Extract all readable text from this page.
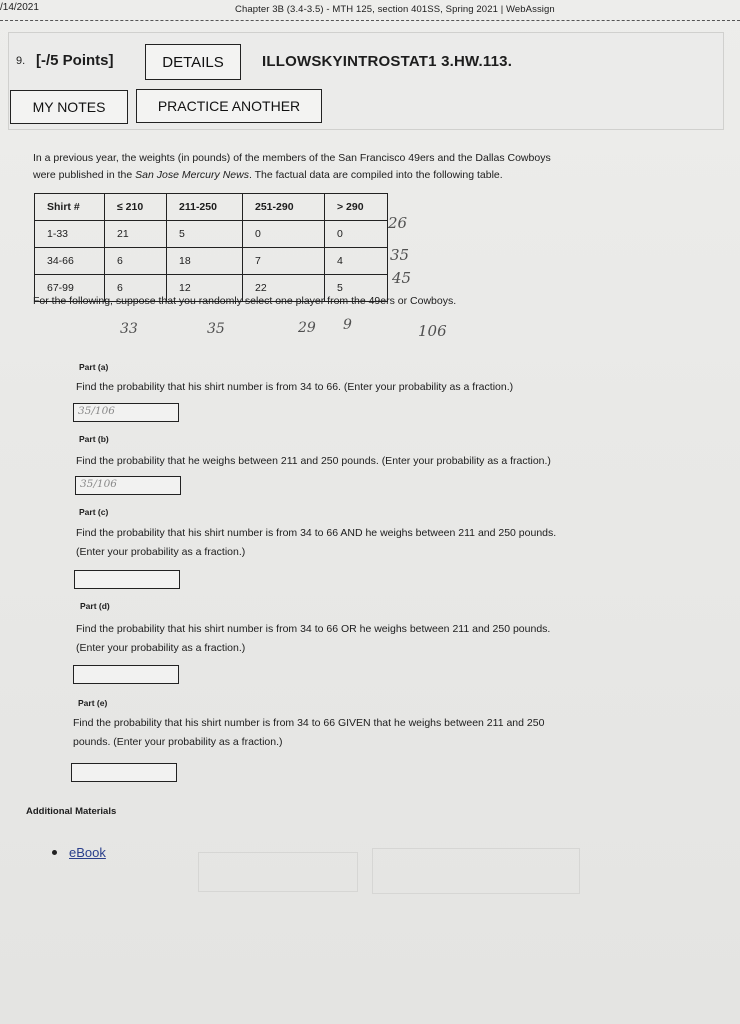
/14/2021	Chapter 3B (3.4-3.5) - MTH 125, section 401SS, Spring 2021 | WebAssign
9. [-/5 Points]	DETAILS	ILLOWSKYINTROSTAT1 3.HW.113.
MY NOTES	PRACTICE ANOTHER
In a previous year, the weights (in pounds) of the members of the San Francisco 49ers and the Dallas Cowboys
were published in the San Jose Mercury News. The factual data are compiled into the following table.
Shirt #	≤ 210	211-250	251-290	> 290
1-33	21	5	0	0
34-66	6	18	7	4
67-99	6	12	22	5
26
35
45
For the following, suppose that you randomly select one player from the 49ers or Cowboys.
33	35	29 9	106
Part (a)
Find the probability that his shirt number is from 34 to 66. (Enter your probability as a fraction.)
35/106
Part (b)
Find the probability that he weighs between 211 and 250 pounds. (Enter your probability as a fraction.)
35/106
Part (c)
Find the probability that his shirt number is from 34 to 66 AND he weighs between 211 and 250 pounds.
(Enter your probability as a fraction.)
Part (d)
Find the probability that his shirt number is from 34 to 66 OR he weighs between 211 and 250 pounds.
(Enter your probability as a fraction.)
Part (e)
Find the probability that his shirt number is from 34 to 66 GIVEN that he weighs between 211 and 250
pounds. (Enter your probability as a fraction.)
Additional Materials
eBook
